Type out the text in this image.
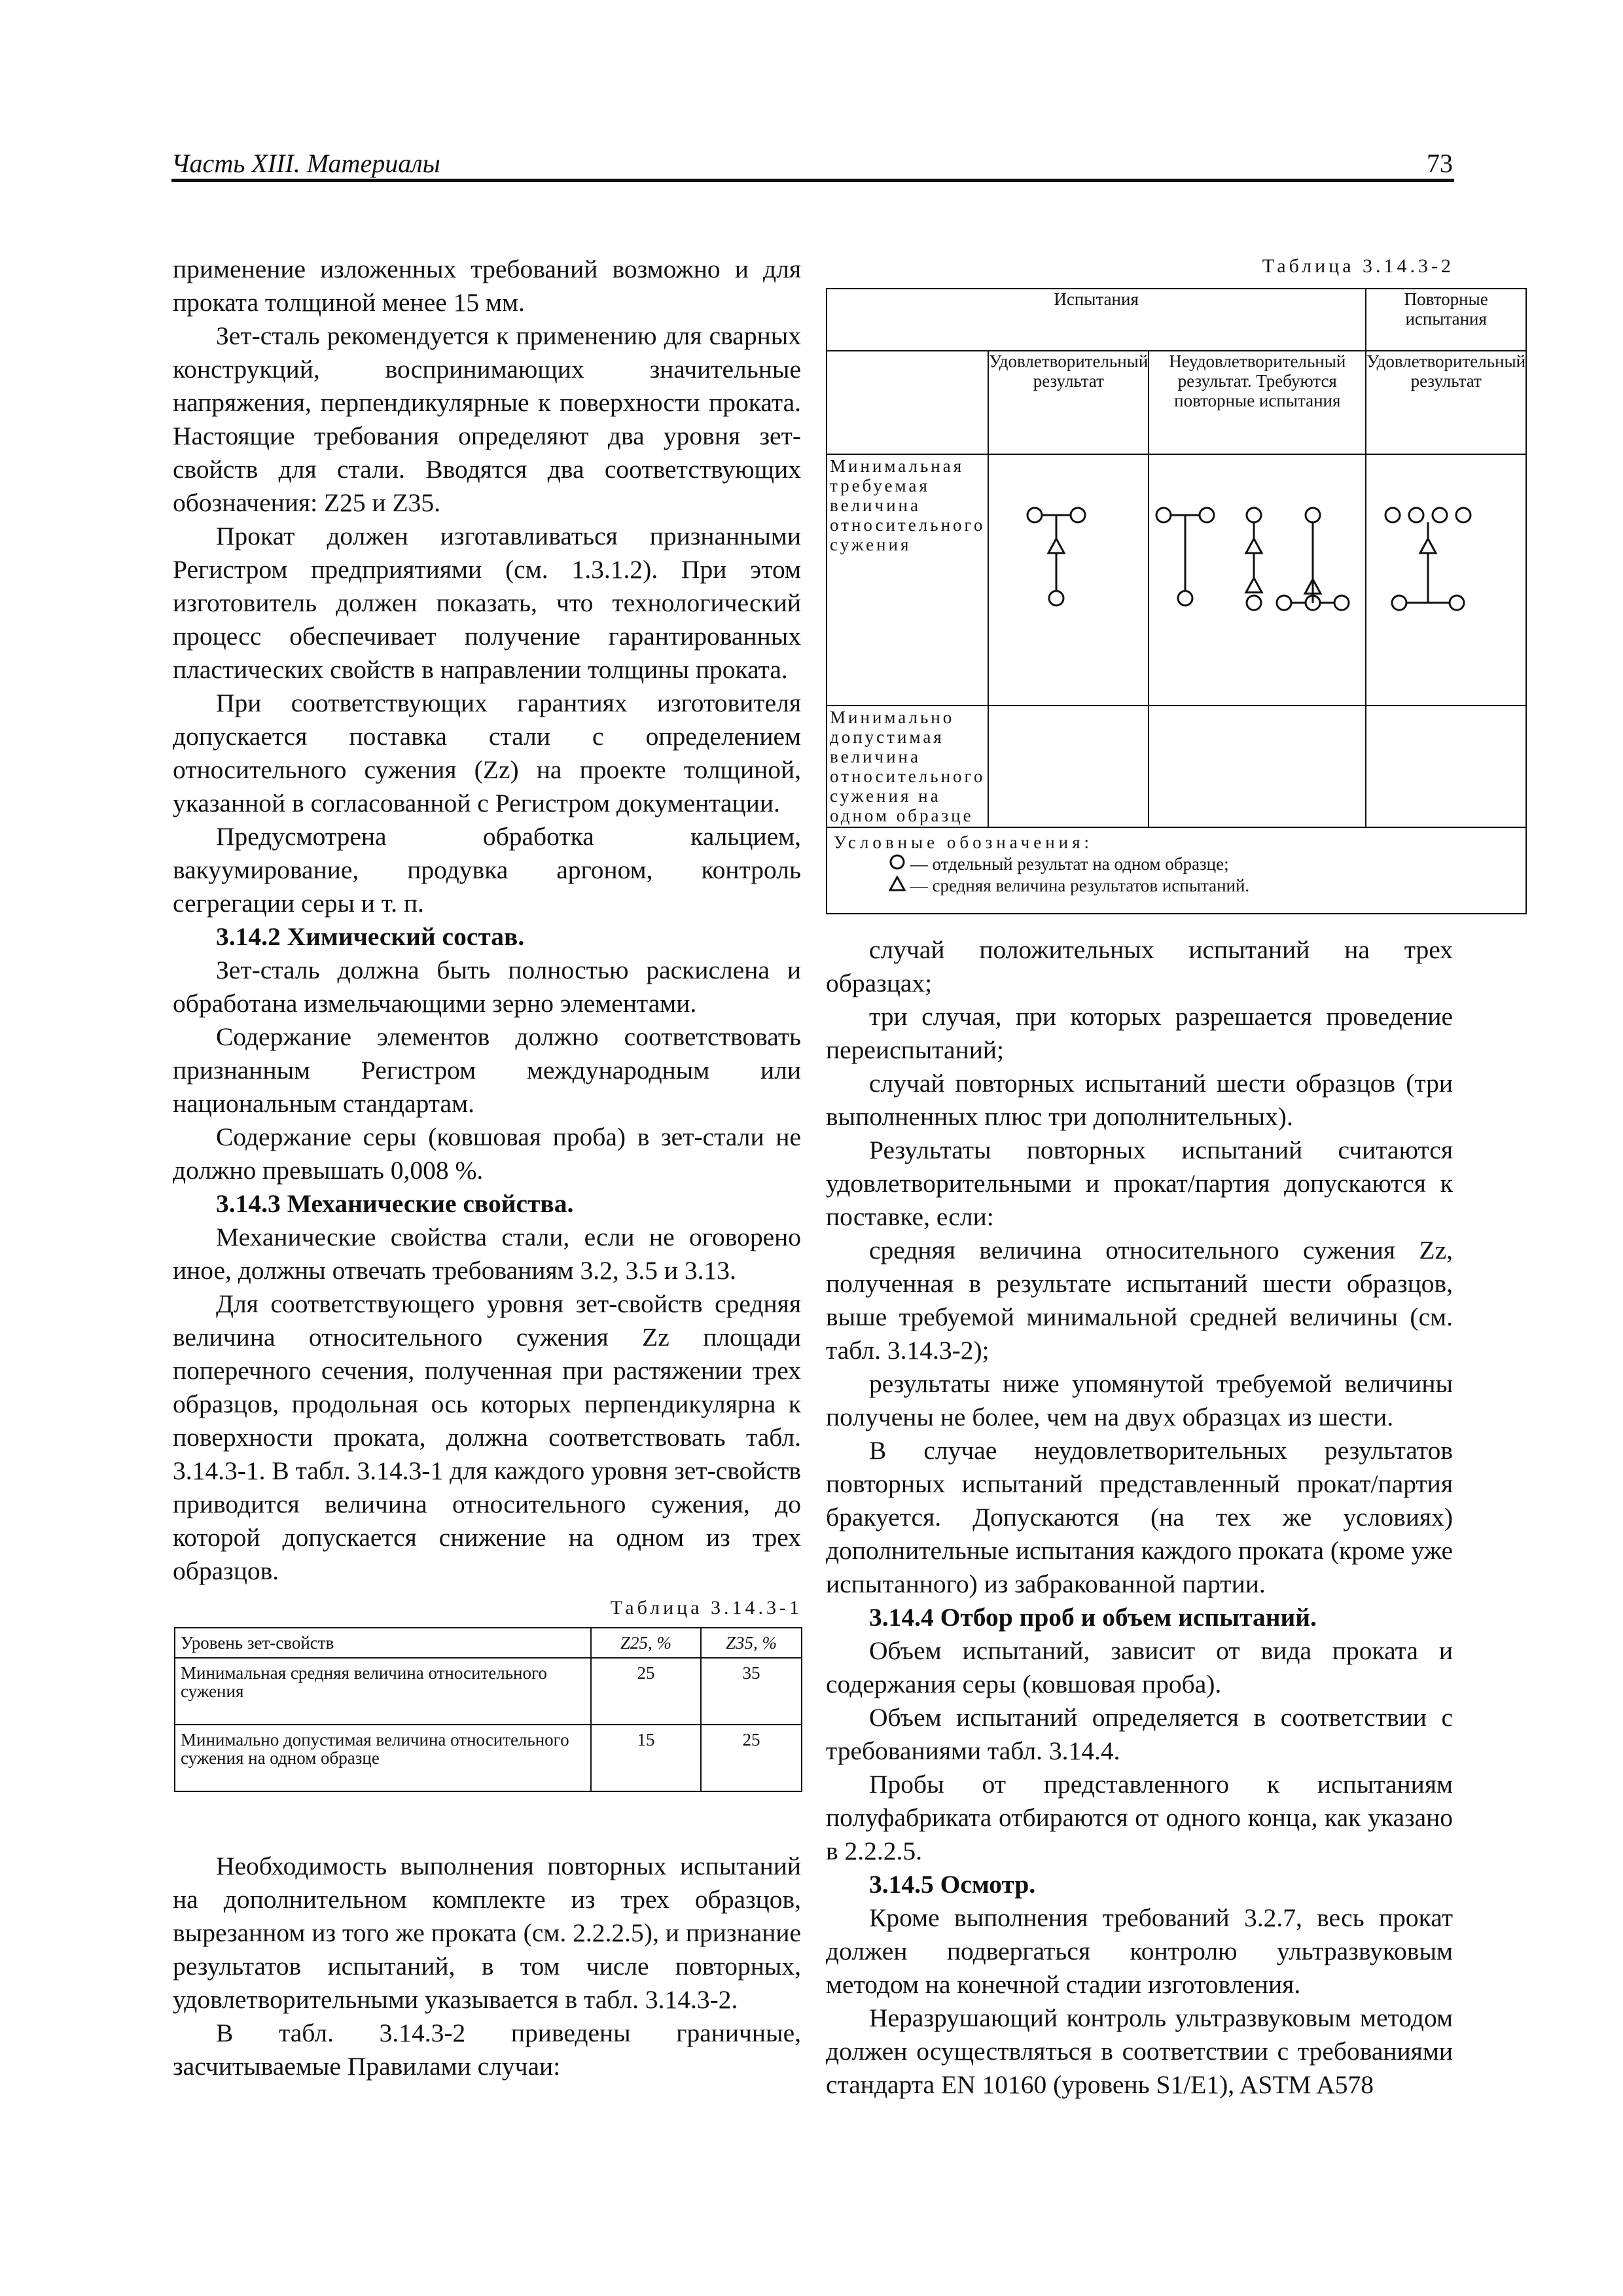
Часть XIII. Материалы	73

применение изложенных требований возможно и для проката толщиной менее 15 мм.

Зет-сталь рекомендуется к применению для сварных конструкций, воспринимающих значительные напряжения, перпендикулярные к поверхности проката. Настоящие требования определяют два уровня зет-свойств для стали. Вводятся два соответствующих обозначения: Z25 и Z35.

Прокат должен изготавливаться признанными Регистром предприятиями (см. 1.3.1.2). При этом изготовитель должен показать, что технологический процесс обеспечивает получение гарантированных пластических свойств в направлении толщины проката.

При соответствующих гарантиях изготовителя допускается поставка стали с определением относительного сужения (Zz) на проекте толщиной, указанной в согласованной с Регистром документации.

Предусмотрена обработка кальцием, вакуумирование, продувка аргоном, контроль сегрегации серы и т. п.

3.14.2 Химический состав.

Зет-сталь должна быть полностью раскислена и обработана измельчающими зерно элементами.

Содержание элементов должно соответствовать признанным Регистром международным или национальным стандартам.

Содержание серы (ковшовая проба) в зет-стали не должно превышать 0,008 %.

3.14.3 Механические свойства.

Механические свойства стали, если не оговорено иное, должны отвечать требованиям 3.2, 3.5 и 3.13.

Для соответствующего уровня зет-свойств средняя величина относительного сужения Zz площади поперечного сечения, полученная при растяжении трех образцов, продольная ось которых перпендикулярна к поверхности проката, должна соответствовать табл. 3.14.3-1. В табл. 3.14.3-1 для каждого уровня зет-свойств приводится величина относительного сужения, до которой допускается снижение на одном из трех образцов.

Таблица 3.14.3-1
Уровень зет-свойств	Z25, %	Z35, %
Минимальная средняя величина относительного сужения	25	35
Минимально допустимая величина относительного сужения на одном образце	15	25

Необходимость выполнения повторных испытаний на дополнительном комплекте из трех образцов, вырезанном из того же проката (см. 2.2.2.5), и признание результатов испытаний, в том числе повторных, удовлетворительными указывается в табл. 3.14.3-2.

В табл. 3.14.3-2 приведены граничные, засчитываемые Правилами случаи:

Таблица 3.14.3-2
Испытания			Повторные испытания
	Удовлетворительный результат	Неудовлетворительный результат. Требуются повторные испытания	Удовлетворительный результат
Минимальная требуемая величина относительного сужения			
Минимально допустимая величина относительного сужения на одном образце			

Условные обозначения:
— отдельный результат на одном образце;
— средняя величина результатов испытаний.			

случай положительных испытаний на трех образцах;

три случая, при которых разрешается проведение переиспытаний;

случай повторных испытаний шести образцов (три выполненных плюс три дополнительных).

Результаты повторных испытаний считаются удовлетворительными и прокат/партия допускаются к поставке, если:

средняя величина относительного сужения Zz, полученная в результате испытаний шести образцов, выше требуемой минимальной средней величины (см. табл. 3.14.3-2);

результаты ниже упомянутой требуемой величины получены не более, чем на двух образцах из шести.

В случае неудовлетворительных результатов повторных испытаний представленный прокат/партия бракуется. Допускаются (на тех же условиях) дополнительные испытания каждого проката (кроме уже испытанного) из забракованной партии.

3.14.4 Отбор проб и объем испытаний.

Объем испытаний, зависит от вида проката и содержания серы (ковшовая проба).

Объем испытаний определяется в соответствии с требованиями табл. 3.14.4.

Пробы от представленного к испытаниям полуфабриката отбираются от одного конца, как указано в 2.2.2.5.

3.14.5 Осмотр.

Кроме выполнения требований 3.2.7, весь прокат должен подвергаться контролю ультразвуковым методом на конечной стадии изготовления.

Неразрушающий контроль ультразвуковым методом должен осуществляться в соответствии с требованиями стандарта EN 10160 (уровень S1/E1), ASTM A578
